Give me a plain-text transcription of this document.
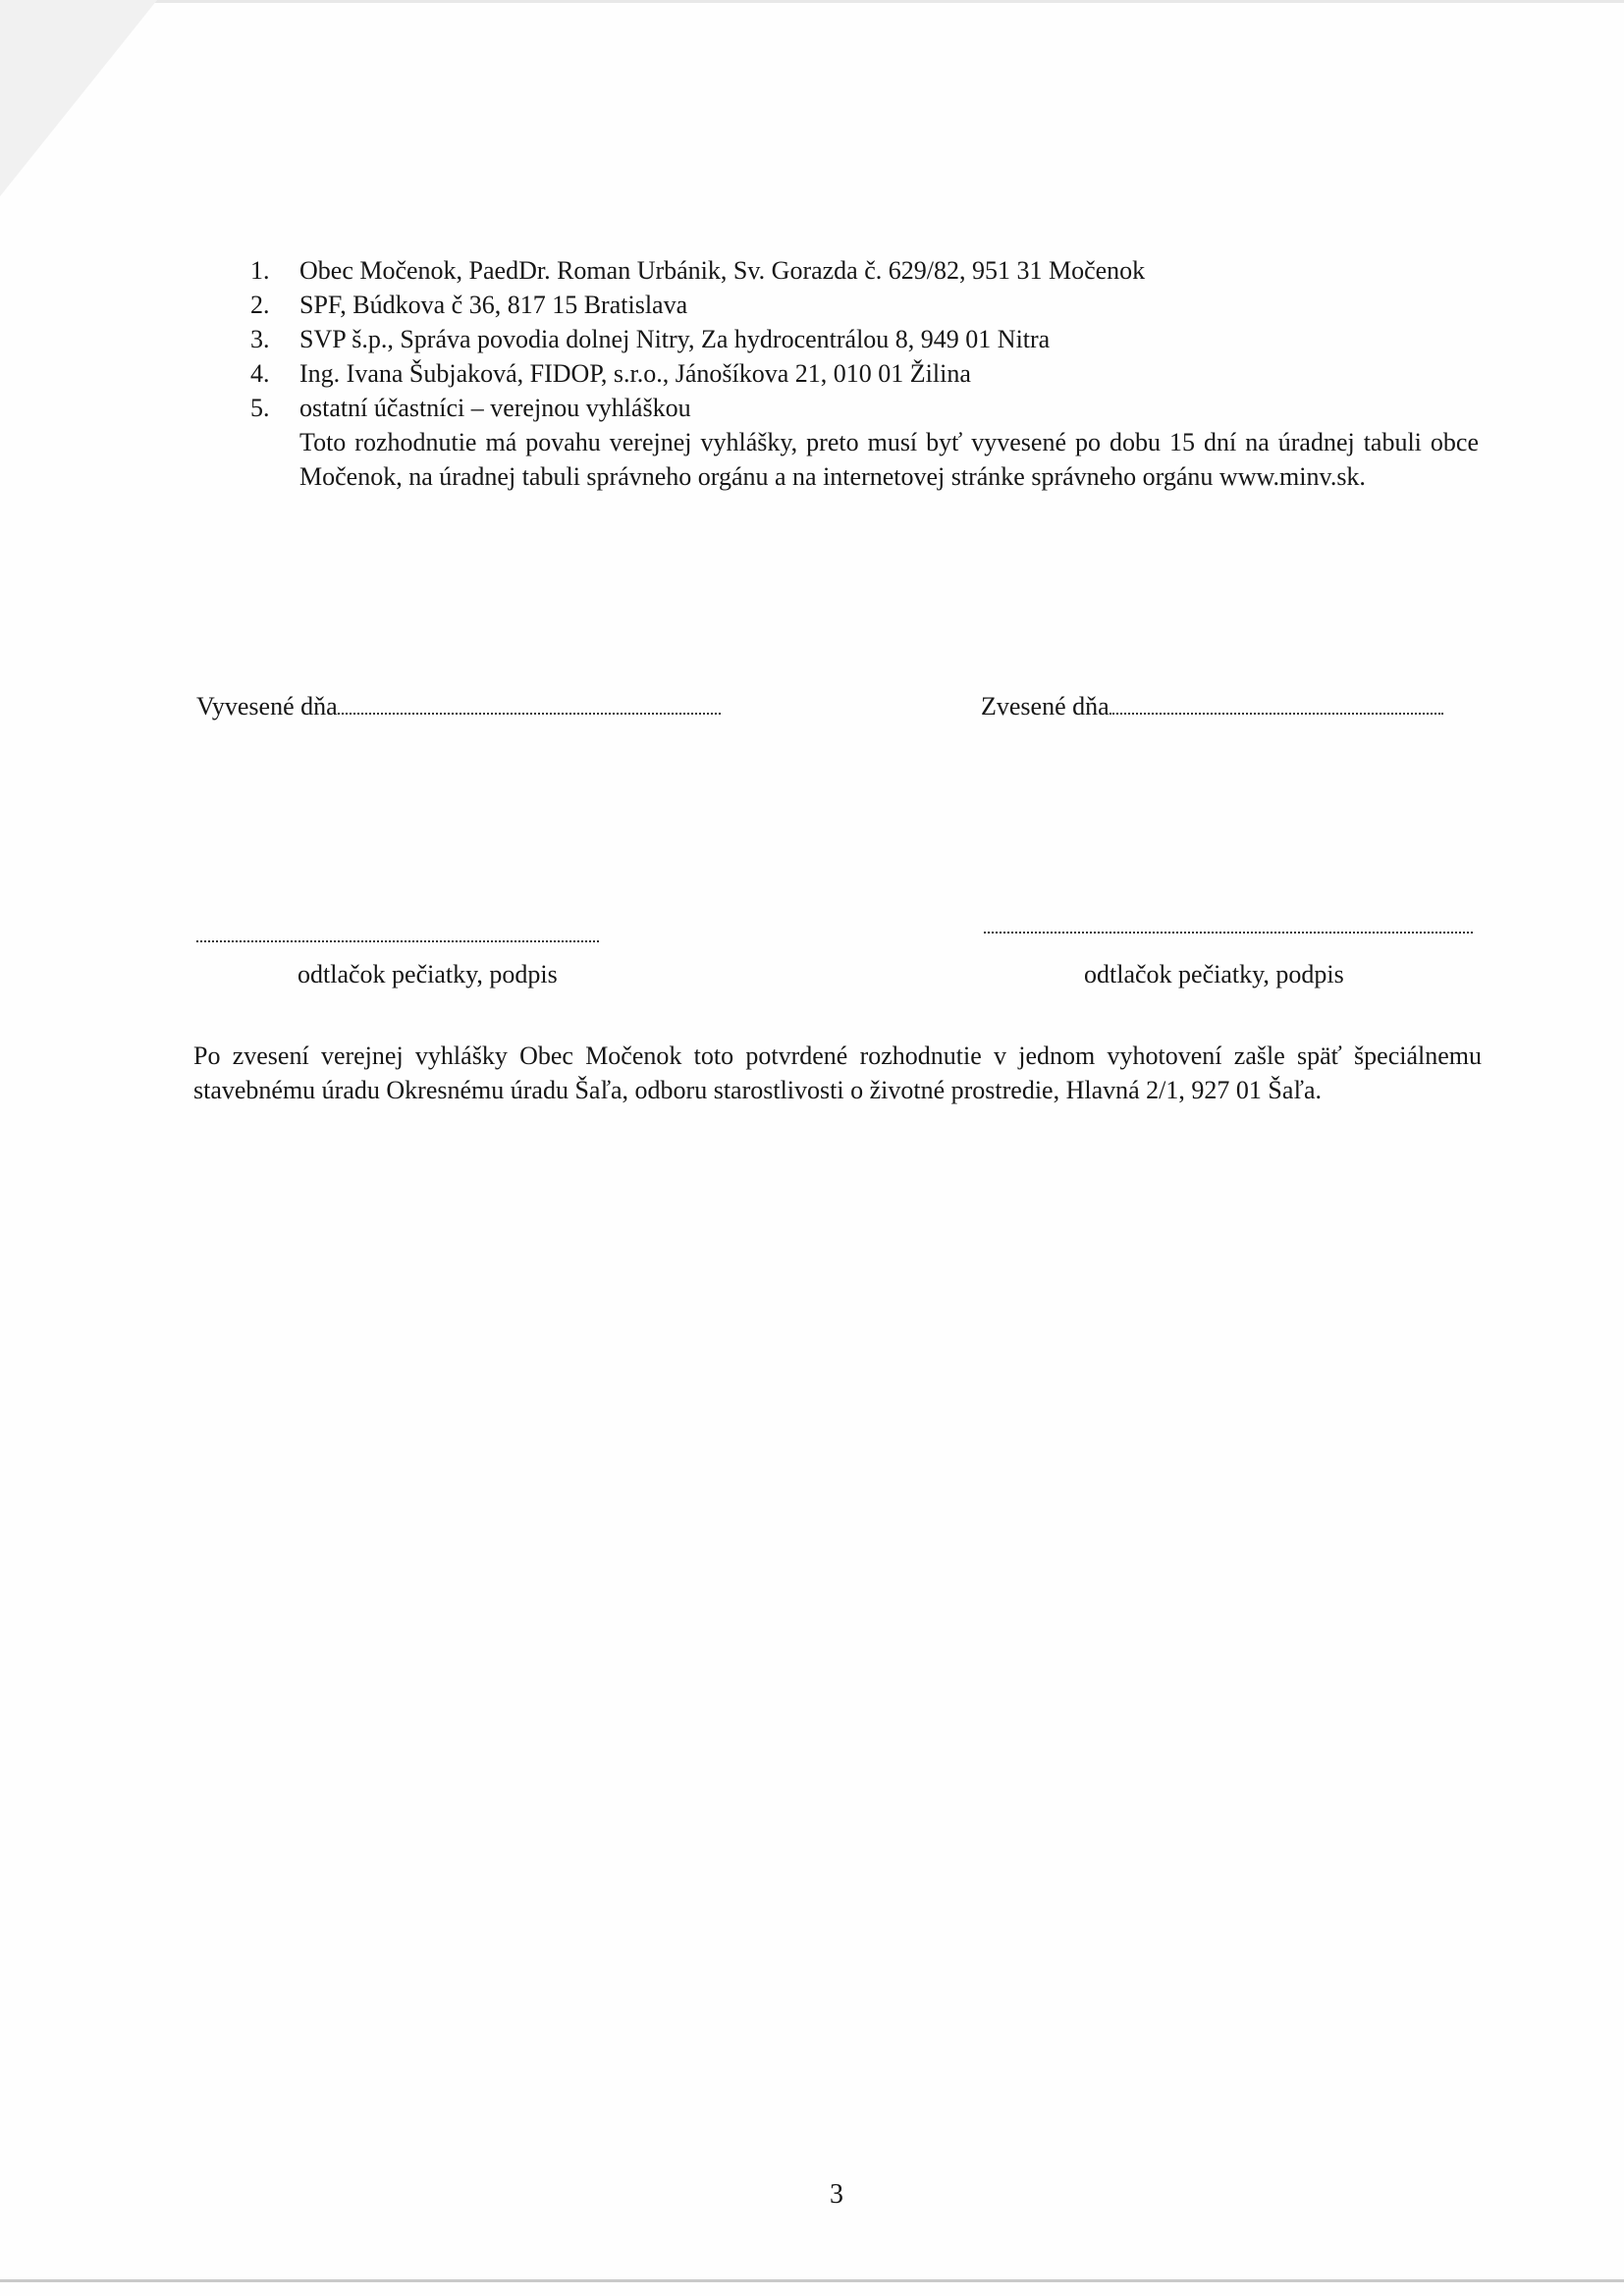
1.	Obec Močenok, PaedDr. Roman Urbánik, Sv. Gorazda č. 629/82, 951 31 Močenok
2.	SPF, Búdkova č 36, 817 15 Bratislava
3.	SVP š.p., Správa povodia dolnej Nitry, Za hydrocentrálou 8, 949 01 Nitra
4.	Ing. Ivana Šubjaková, FIDOP, s.r.o., Jánošíkova 21, 010 01 Žilina
5.	ostatní účastníci – verejnou vyhláškou
Toto rozhodnutie má povahu verejnej vyhlášky, preto musí byť vyvesené po dobu 15 dní na úradnej tabuli obce Močenok, na úradnej tabuli správneho orgánu a na internetovej stránke správneho orgánu www.minv.sk.
Vyvesené dňa	Zvesené dňa
odtlačok pečiatky, podpis	odtlačok pečiatky, podpis
Po zvesení verejnej vyhlášky Obec Močenok toto potvrdené rozhodnutie v jednom vyhotovení zašle späť špeciálnemu stavebnému úradu Okresnému úradu Šaľa, odboru starostlivosti o životné prostredie, Hlavná 2/1, 927 01 Šaľa.
3
